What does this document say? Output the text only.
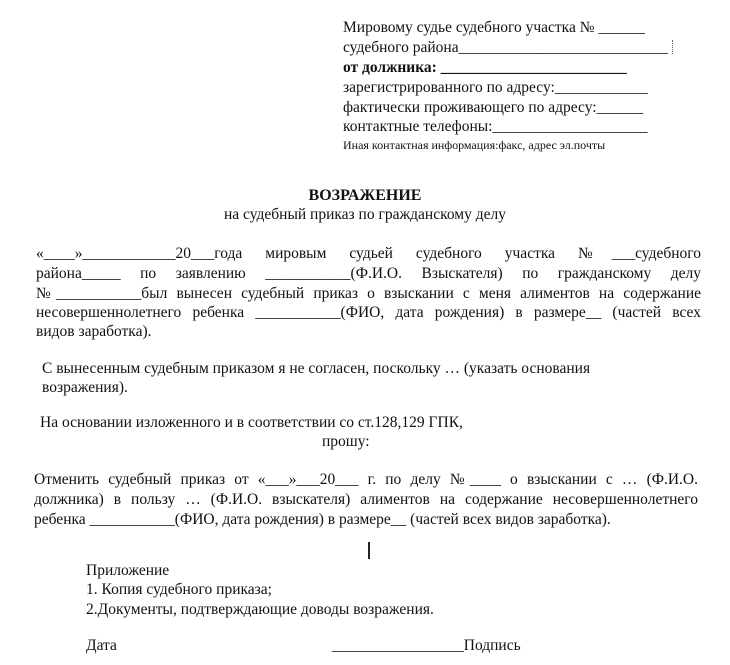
Мировому судье судебного участка № ______
судебного района___________________________
от должника: ________________________
зарегистрированного по адресу:____________
фактически проживающего по адресу:______
контактные телефоны:____________________
Иная контактная информация:факс, адрес эл.почты
ВОЗРАЖЕНИЕ
на судебный приказ по гражданскому делу
«____»____________20___года мировым судьей судебного участка №___судебного
района_____ по заявлению ___________(Ф.И.О. Взыскателя) по гражданскому делу
№___________был вынесен судебный приказ о взыскании с меня алиментов на содержание
несовершеннолетнего ребенка ___________(ФИО, дата рождения) в размере__ (частей всех
видов заработка).
С вынесенным судебным приказом я не согласен, поскольку … (указать основания
возражения).
На основании изложенного и в соответствии со ст.128,129 ГПК,
прошу:
Отменить судебный приказ от «___»___20___ г. по делу №____ о взыскании с … (Ф.И.О.
должника) в пользу … (Ф.И.О. взыскателя) алиментов на содержание несовершеннолетнего
ребенка ___________(ФИО, дата рождения) в размере__ (частей всех видов заработка).
Приложение
1. Копия судебного приказа;
2.Документы, подтверждающие доводы возражения.
Дата	_________________Подпись
